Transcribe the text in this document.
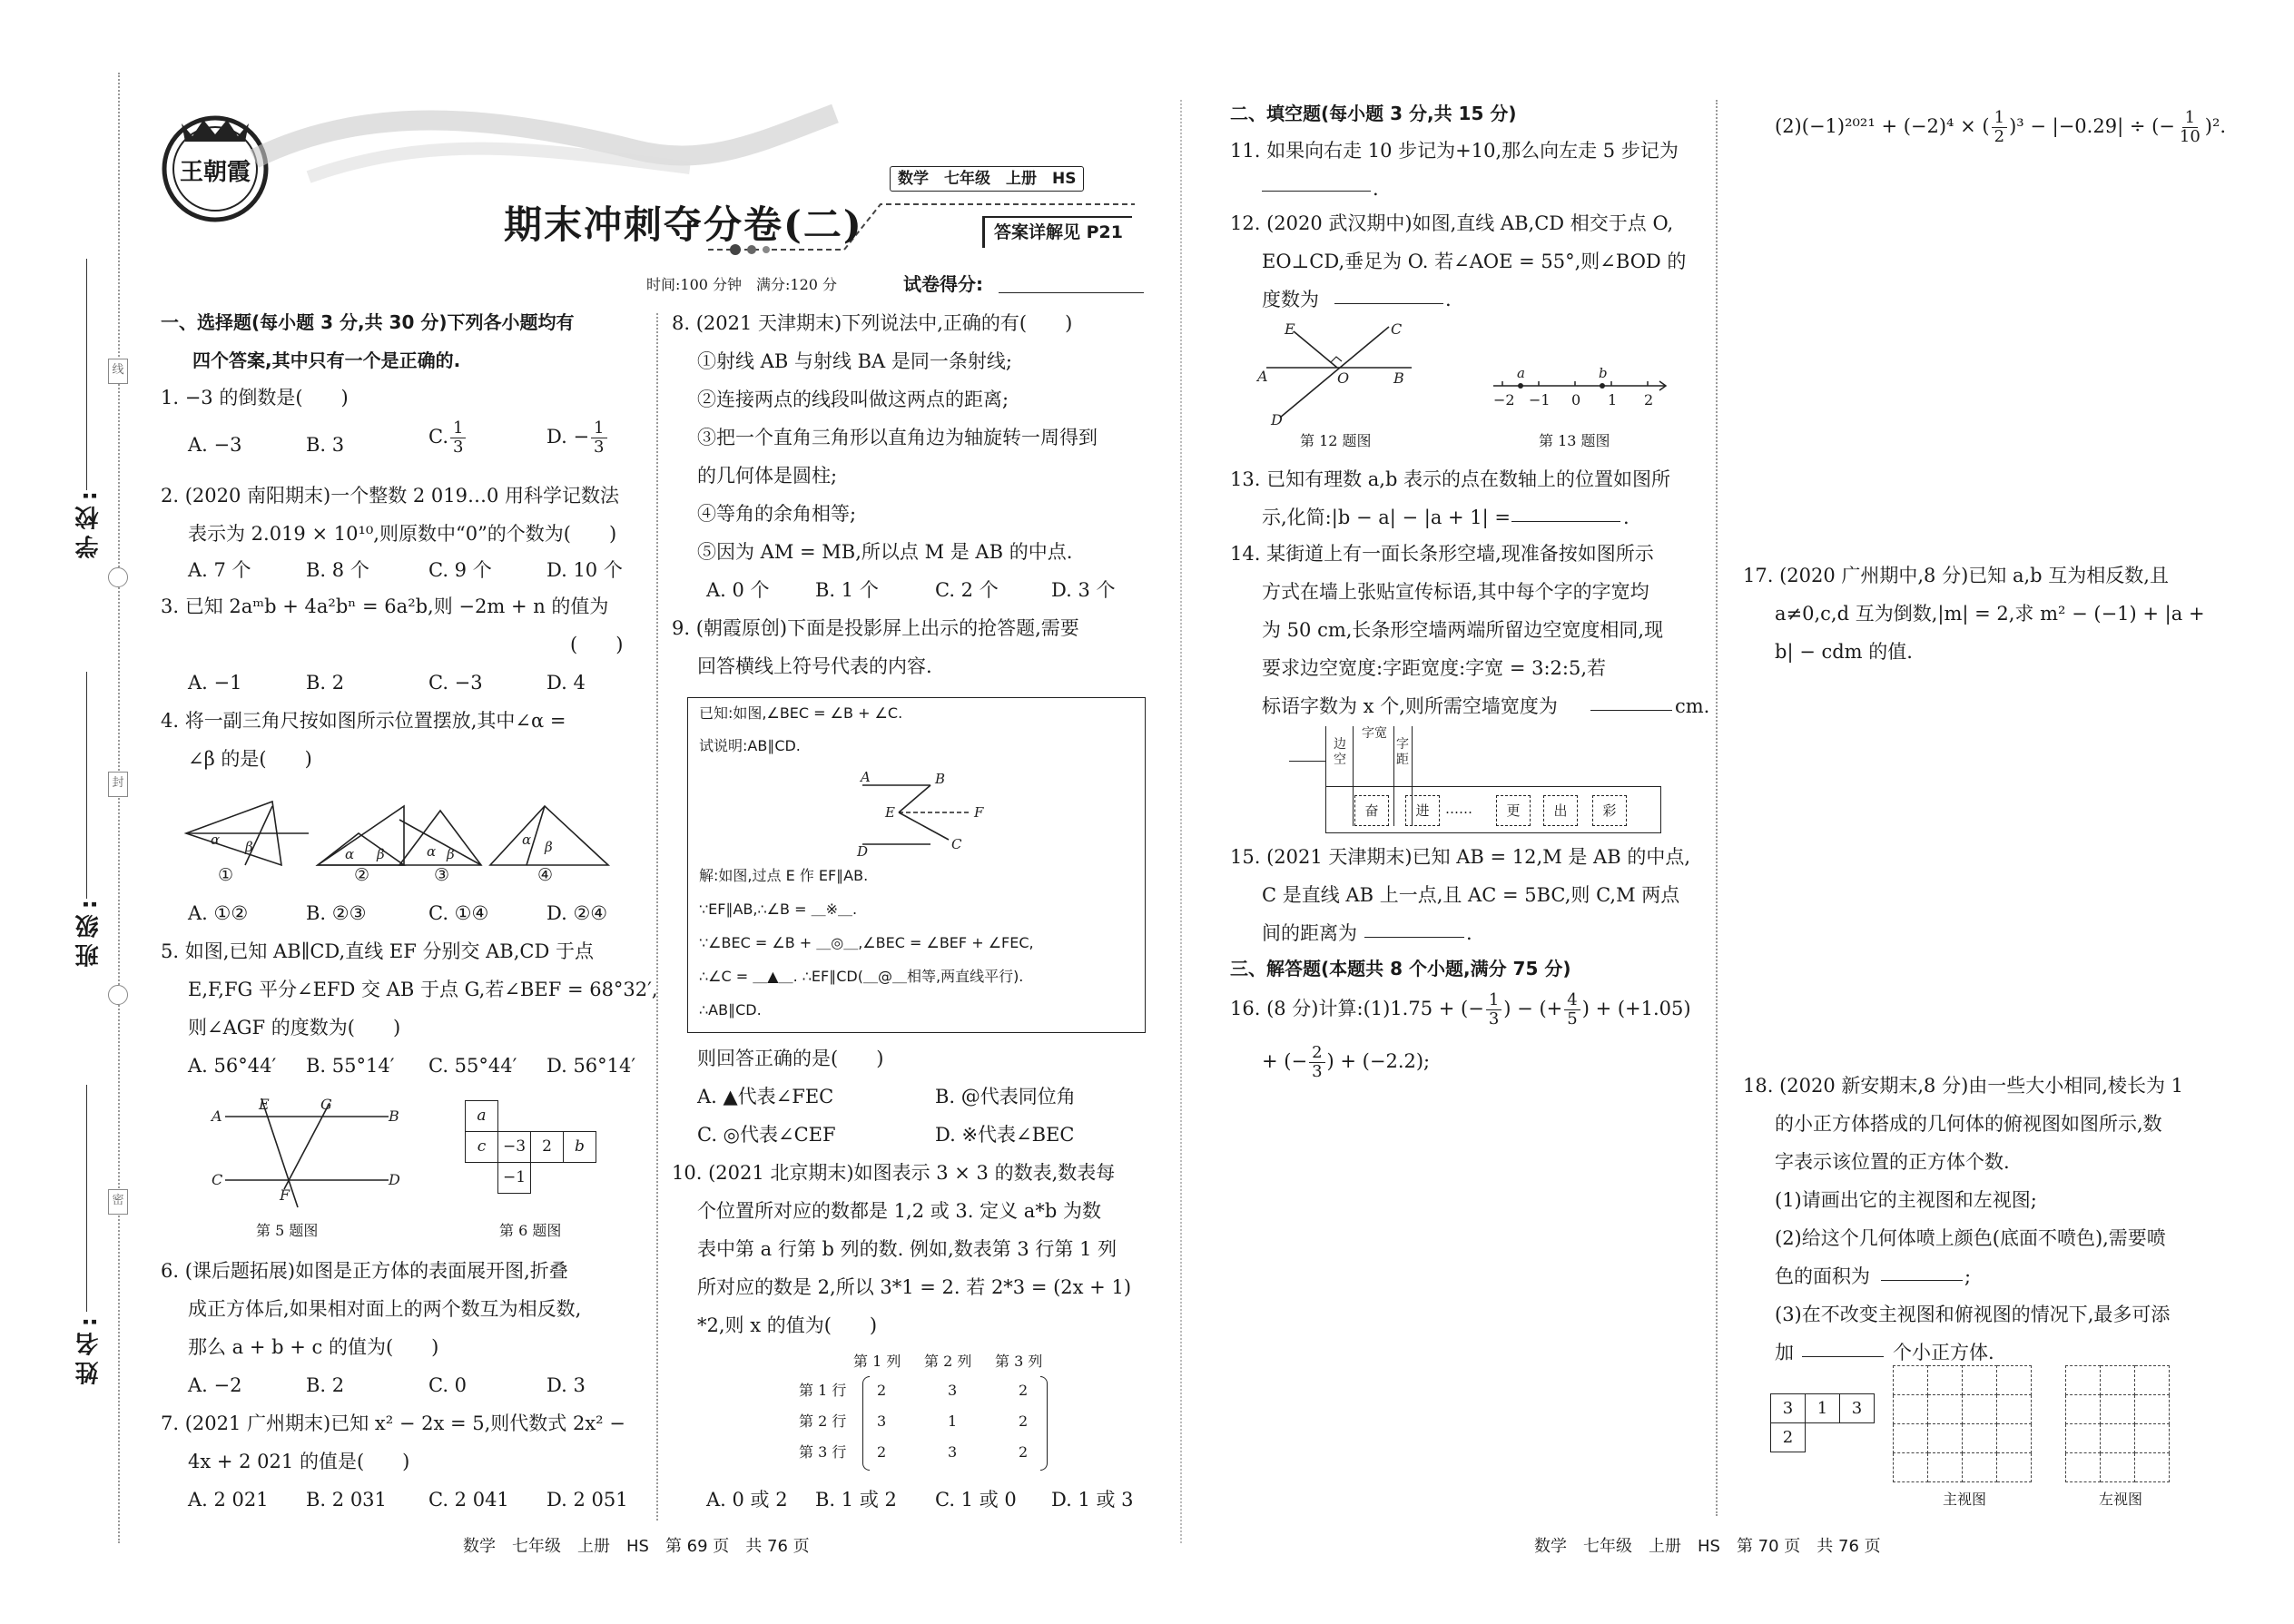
线
封
密
学校:
班级:
姓名:
王朝霞	数学　七年级　上册　HS
期末冲刺夺分卷(二)	答案详解见 P21
时间:100 分钟　满分:120 分	试卷得分:
一、选择题(每小题 3 分,共 30 分)下列各小题均有
四个答案,其中只有一个是正确的.
1. −3 的倒数是(　　)
A. −3	B. 3	C. $\frac{1}{3}$	D. − $\frac{1}{3}$
2. (2020 南阳期末)一个整数 2 019…0 用科学记数法
表示为 2.019 × 10¹⁰,则原数中“0”的个数为(　　)
A. 7 个	B. 8 个	C. 9 个	D. 10 个
3. 已知 2aᵐb + 4a²bⁿ = 6a²b,则 −2m + n 的值为
(　　)
A. −1	B. 2	C. −3	D. 4
4. 将一副三角尺按如图所示位置摆放,其中∠α =
∠β 的是(　　)
α β	α β	α β
α β
①	②	③	④
A. ①②	B. ②③	C. ①④	D. ②④
5. 如图,已知 AB∥CD,直线 EF 分别交 AB,CD 于点
E,F,FG 平分∠EFD 交 AB 于点 G,若∠BEF = 68°32′,
则∠AGF 的度数为(　　)
A. 56°44′ B. 55°14′ C. 55°44′ D. 56°14′
A	B
C	D
E	G
F
a			
c	−3	2	b
	−1		
第 5 题图	第 6 题图
6. (课后题拓展)如图是正方体的表面展开图,折叠
成正方体后,如果相对面上的两个数互为相反数,
那么 a + b + c 的值为(　　)
A. −2	B. 2	C. 0	D. 3
7. (2021 广州期末)已知 x² − 2x = 5,则代数式 2x² −
4x + 2 021 的值是(　　)
A. 2 021 B. 2 031 C. 2 041 D. 2 051
8. (2021 天津期末)下列说法中,正确的有(　　)
①射线 AB 与射线 BA 是同一条射线;
②连接两点的线段叫做这两点的距离;
③把一个直角三角形以直角边为轴旋转一周得到
的几何体是圆柱;
④等角的余角相等;
⑤因为 AM = MB,所以点 M 是 AB 的中点.
A. 0 个 B. 1 个	C. 2 个	D. 3 个
9. (朝霞原创)下面是投影屏上出示的抢答题,需要
回答横线上符号代表的内容.
已知:如图,∠BEC = ∠B + ∠C.
试说明:AB∥CD.
A	B
E	F
D	C
解:如图,过点 E 作 EF∥AB.
∵EF∥AB,∴∠B = ＿※＿.
∵∠BEC = ∠B + ＿◎＿,∠BEC = ∠BEF + ∠FEC,
∴∠C = ＿▲＿. ∴EF∥CD(＿@＿相等,两直线平行).
∴AB∥CD.
则回答正确的是(　　)
A. ▲代表∠FEC	B. @代表同位角
C. ◎代表∠CEF	D. ※代表∠BEC
10. (2021 北京期末)如图表示 3 × 3 的数表,数表每
个位置所对应的数都是 1,2 或 3. 定义 a*b 为数
表中第 a 行第 b 列的数. 例如,数表第 3 行第 1 列
所对应的数是 2,所以 3*1 = 2. 若 2*3 = (2x + 1)
*2,则 x 的值为(　　)
第 1 列 第 2 列 第 3 列
第 1 行
第 2 行
第 3 行
2	3	2
3	1	2
2	3	2
A. 0 或 2 B. 1 或 2 C. 1 或 0 D. 1 或 3
数学　七年级　上册　HS　第 69 页　共 76 页
二、填空题(每小题 3 分,共 15 分)
11. 如果向右走 10 步记为+10,那么向左走 5 步记为
.
12. (2020 武汉期中)如图,直线 AB,CD 相交于点 O,
EO⊥CD,垂足为 O. 若∠AOE = 55°,则∠BOD 的
度数为	.
E	C
A	O	B
D
a	b
−2 −1 0 1 2
第 12 题图	第 13 题图
13. 已知有理数 a,b 表示的点在数轴上的位置如图所
示,化简:|b − a| − |a + 1| =	.
14. 某街道上有一面长条形空墙,现准备按如图所示
方式在墙上张贴宣传标语,其中每个字的字宽均
为 50 cm,长条形空墙两端所留边空宽度相同,现
要求边空宽度:字距宽度:字宽 = 3:2:5,若
标语字数为 x 个,则所需空墙宽度为	cm.
边空
字宽
字距
奋	进	……	更	出	彩
15. (2021 天津期末)已知 AB = 12,M 是 AB 的中点,
C 是直线 AB 上一点,且 AC = 5BC,则 C,M 两点
间的距离为	.
三、解答题(本题共 8 个小题,满分 75 分)
16. (8 分)计算:(1)1.75 + (− $\frac{1}{3}$ ) − (+ $\frac{4}{5}$ ) + (+1.05)
+ (− $\frac{2}{3}$ ) + (−2.2);
数学　七年级　上册　HS　第 70 页　共 76 页
(2)(−1)²⁰²¹ + (−2)⁴ × ( $\frac{1}{2} )^3 - |-0.29|$ ÷ (− $\frac{1}{10} )^2$.
17. (2020 广州期中,8 分)已知 a,b 互为相反数,且
a≠0,c,d 互为倒数,|m| = 2,求 m² − (−1) + |a +
b| − cdm 的值.
18. (2020 新安期末,8 分)由一些大小相同,棱长为 1
的小正方体搭成的几何体的俯视图如图所示,数
字表示该位置的正方体个数.
(1)请画出它的主视图和左视图;
(2)给这个几何体喷上颜色(底面不喷色),需要喷
色的面积为	;
(3)在不改变主视图和俯视图的情况下,最多可添
加	个小正方体.
3	1	3
2		

主视图	左视图
